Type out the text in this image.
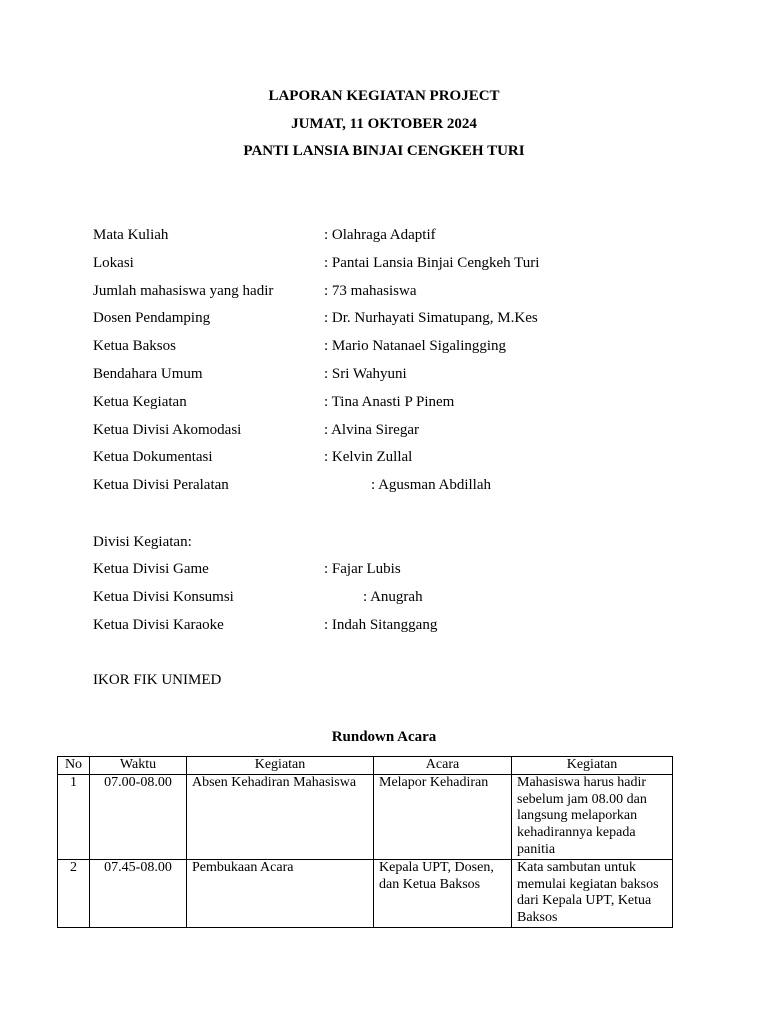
LAPORAN KEGIATAN PROJECT
JUMAT, 11 OKTOBER 2024
PANTI LANSIA BINJAI CENGKEH TURI
Mata Kuliah	: Olahraga Adaptif
Lokasi	: Pantai Lansia Binjai Cengkeh Turi
Jumlah mahasiswa yang hadir	: 73 mahasiswa
Dosen Pendamping	: Dr. Nurhayati Simatupang, M.Kes
Ketua Baksos	: Mario Natanael Sigalingging
Bendahara Umum	: Sri Wahyuni
Ketua Kegiatan	: Tina Anasti P Pinem
Ketua Divisi Akomodasi	: Alvina Siregar
Ketua Dokumentasi	: Kelvin Zullal
Ketua Divisi Peralatan	: Agusman Abdillah
Divisi Kegiatan:
Ketua Divisi Game	: Fajar Lubis
Ketua Divisi Konsumsi	: Anugrah
Ketua Divisi Karaoke	: Indah Sitanggang
IKOR FIK UNIMED
Rundown Acara
No	Waktu	Kegiatan	Acara	Kegiatan
1	07.00-08.00	Absen Kehadiran Mahasiswa	Melapor Kehadiran	Mahasiswa harus hadir sebelum jam 08.00 dan langsung melaporkan kehadirannya kepada panitia
2	07.45-08.00	Pembukaan Acara	Kepala UPT, Dosen, dan Ketua Baksos	Kata sambutan untuk memulai kegiatan baksos dari Kepala UPT, Ketua Baksos
